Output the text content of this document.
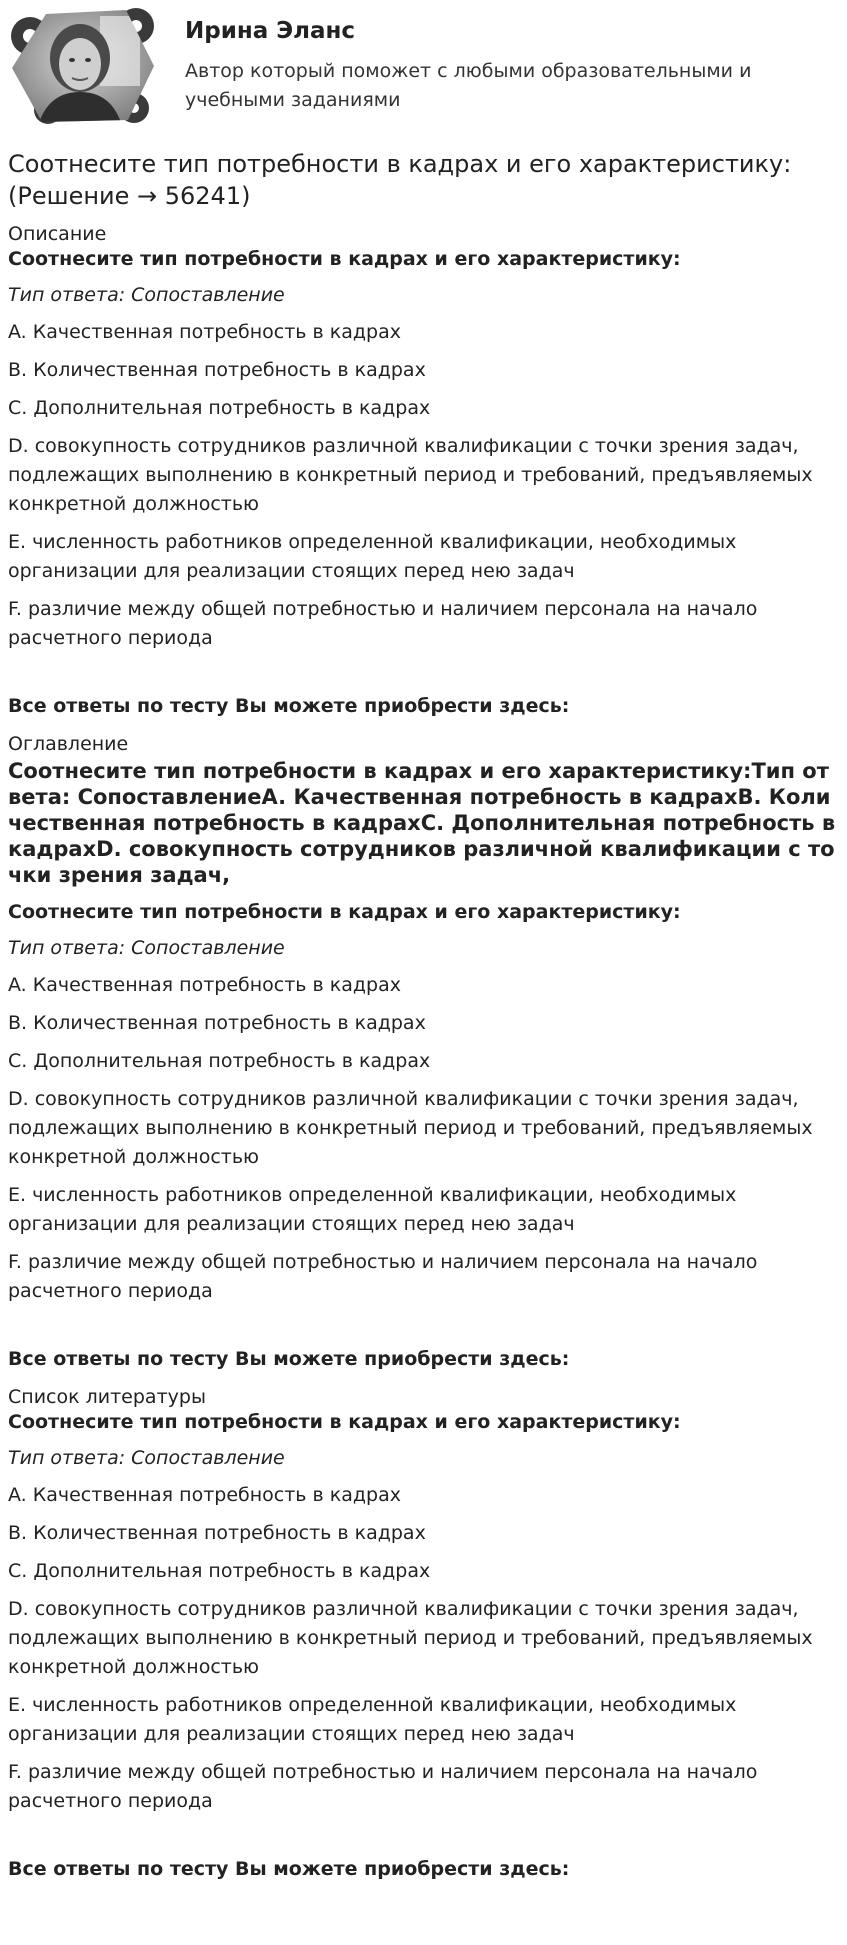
Ирина Эланс

Автор который поможет с любыми образовательными и учебными заданиями

Соотнесите тип потребности в кадрах и его характеристику: (Решение → 56241)

Описание

Соотнесите тип потребности в кадрах и его характеристику:

Тип ответа: Сопоставление

A. Качественная потребность в кадрах

B. Количественная потребность в кадрах

C. Дополнительная потребность в кадрах

D. совокупность сотрудников различной квалификации с точки зрения задач, подлежащих выполнению в конкретный период и требований, предъявляемых конкретной должностью

E. численность работников определенной квалификации, необходимых организации для реализации стоящих перед нею задач

F. различие между общей потребностью и наличием персонала на начало расчетного периода

Все ответы по тесту Вы можете приобрести здесь:

Оглавление

Соотнесите тип потребности в кадрах и его характеристику:Тип ответа: СопоставлениеA. Качественная потребность в кадрахB. Количественная потребность в кадрахC. Дополнительная потребность в кадрахD. совокупность сотрудников различной квалификации с точки зрения задач,

Соотнесите тип потребности в кадрах и его характеристику:

Тип ответа: Сопоставление

A. Качественная потребность в кадрах

B. Количественная потребность в кадрах

C. Дополнительная потребность в кадрах

D. совокупность сотрудников различной квалификации с точки зрения задач, подлежащих выполнению в конкретный период и требований, предъявляемых конкретной должностью

E. численность работников определенной квалификации, необходимых организации для реализации стоящих перед нею задач

F. различие между общей потребностью и наличием персонала на начало расчетного периода

Все ответы по тесту Вы можете приобрести здесь:

Список литературы

Соотнесите тип потребности в кадрах и его характеристику:

Тип ответа: Сопоставление

A. Качественная потребность в кадрах

B. Количественная потребность в кадрах

C. Дополнительная потребность в кадрах

D. совокупность сотрудников различной квалификации с точки зрения задач, подлежащих выполнению в конкретный период и требований, предъявляемых конкретной должностью

E. численность работников определенной квалификации, необходимых организации для реализации стоящих перед нею задач

F. различие между общей потребностью и наличием персонала на начало расчетного периода

Все ответы по тесту Вы можете приобрести здесь:
